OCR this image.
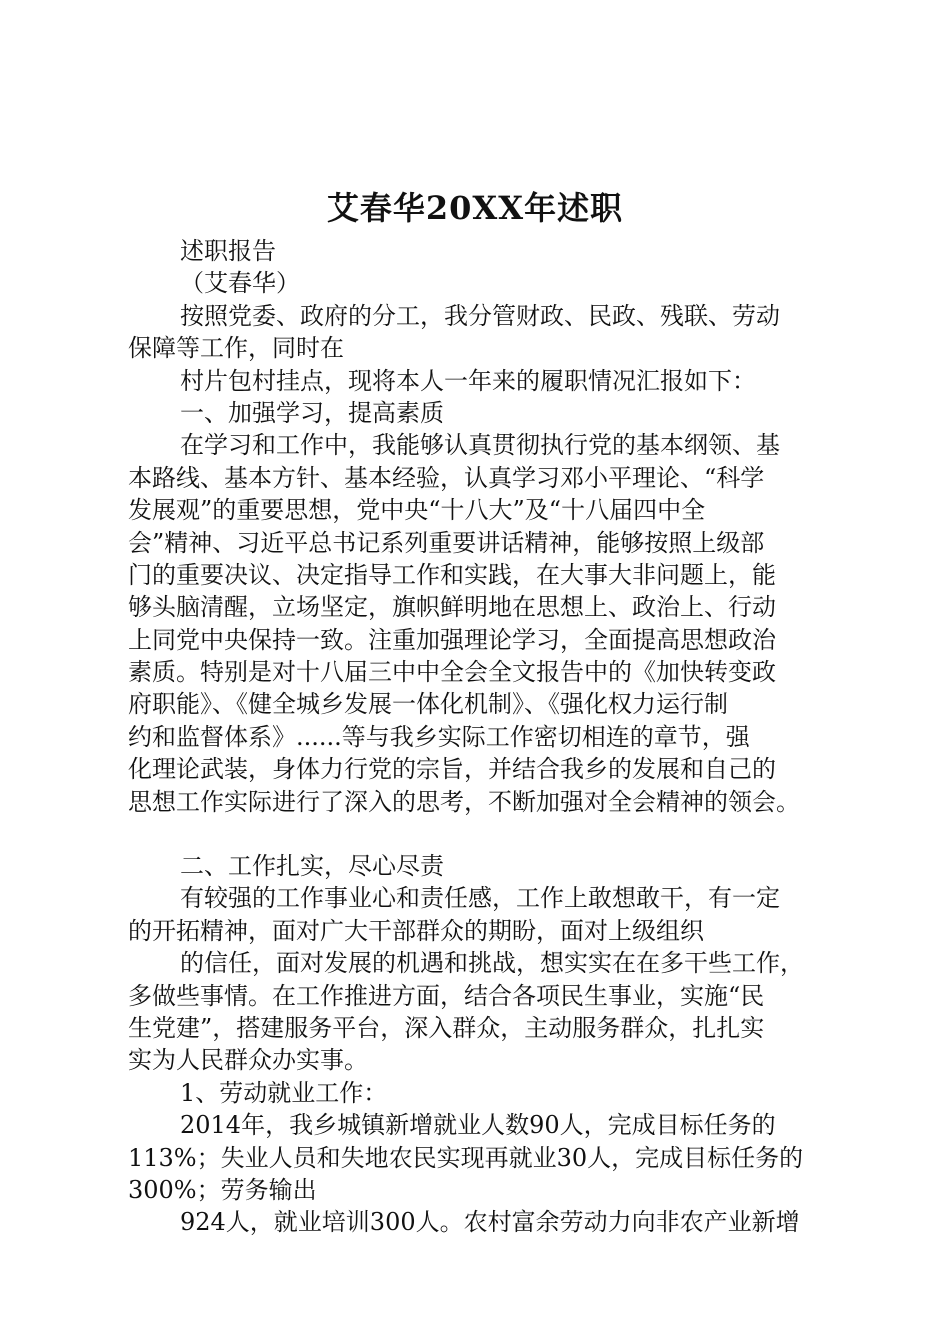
艾春华20XX年述职
述职报告
（艾春华）
按照党委、政府的分工，我分管财政、民政、残联、劳动
保障等工作，同时在
村片包村挂点，现将本人一年来的履职情况汇报如下：
一、加强学习，提高素质
在学习和工作中，我能够认真贯彻执行党的基本纲领、基
本路线、基本方针、基本经验，认真学习邓小平理论、“科学
发展观”的重要思想，党中央“十八大”及“十八届四中全
会”精神、习近平总书记系列重要讲话精神，能够按照上级部
门的重要决议、决定指导工作和实践，在大事大非问题上，能
够头脑清醒，立场坚定，旗帜鲜明地在思想上、政治上、行动
上同党中央保持一致。注重加强理论学习，全面提高思想政治
素质。特别是对十八届三中中全会全文报告中的《加快转变政
府职能》、《健全城乡发展一体化机制》、《强化权力运行制
约和监督体系》......等与我乡实际工作密切相连的章节，强
化理论武装，身体力行党的宗旨，并结合我乡的发展和自己的
思想工作实际进行了深入的思考，不断加强对全会精神的领会。
二、工作扎实，尽心尽责
有较强的工作事业心和责任感，工作上敢想敢干，有一定
的开拓精神，面对广大干部群众的期盼，面对上级组织
的信任，面对发展的机遇和挑战，想实实在在多干些工作，
多做些事情。在工作推进方面，结合各项民生事业，实施“民
生党建”，搭建服务平台，深入群众，主动服务群众，扎扎实
实为人民群众办实事。
1、劳动就业工作：
2014年，我乡城镇新增就业人数90人，完成目标任务的
113%；失业人员和失地农民实现再就业30人，完成目标任务的
300%；劳务输出
924人，就业培训300人。农村富余劳动力向非农产业新增
